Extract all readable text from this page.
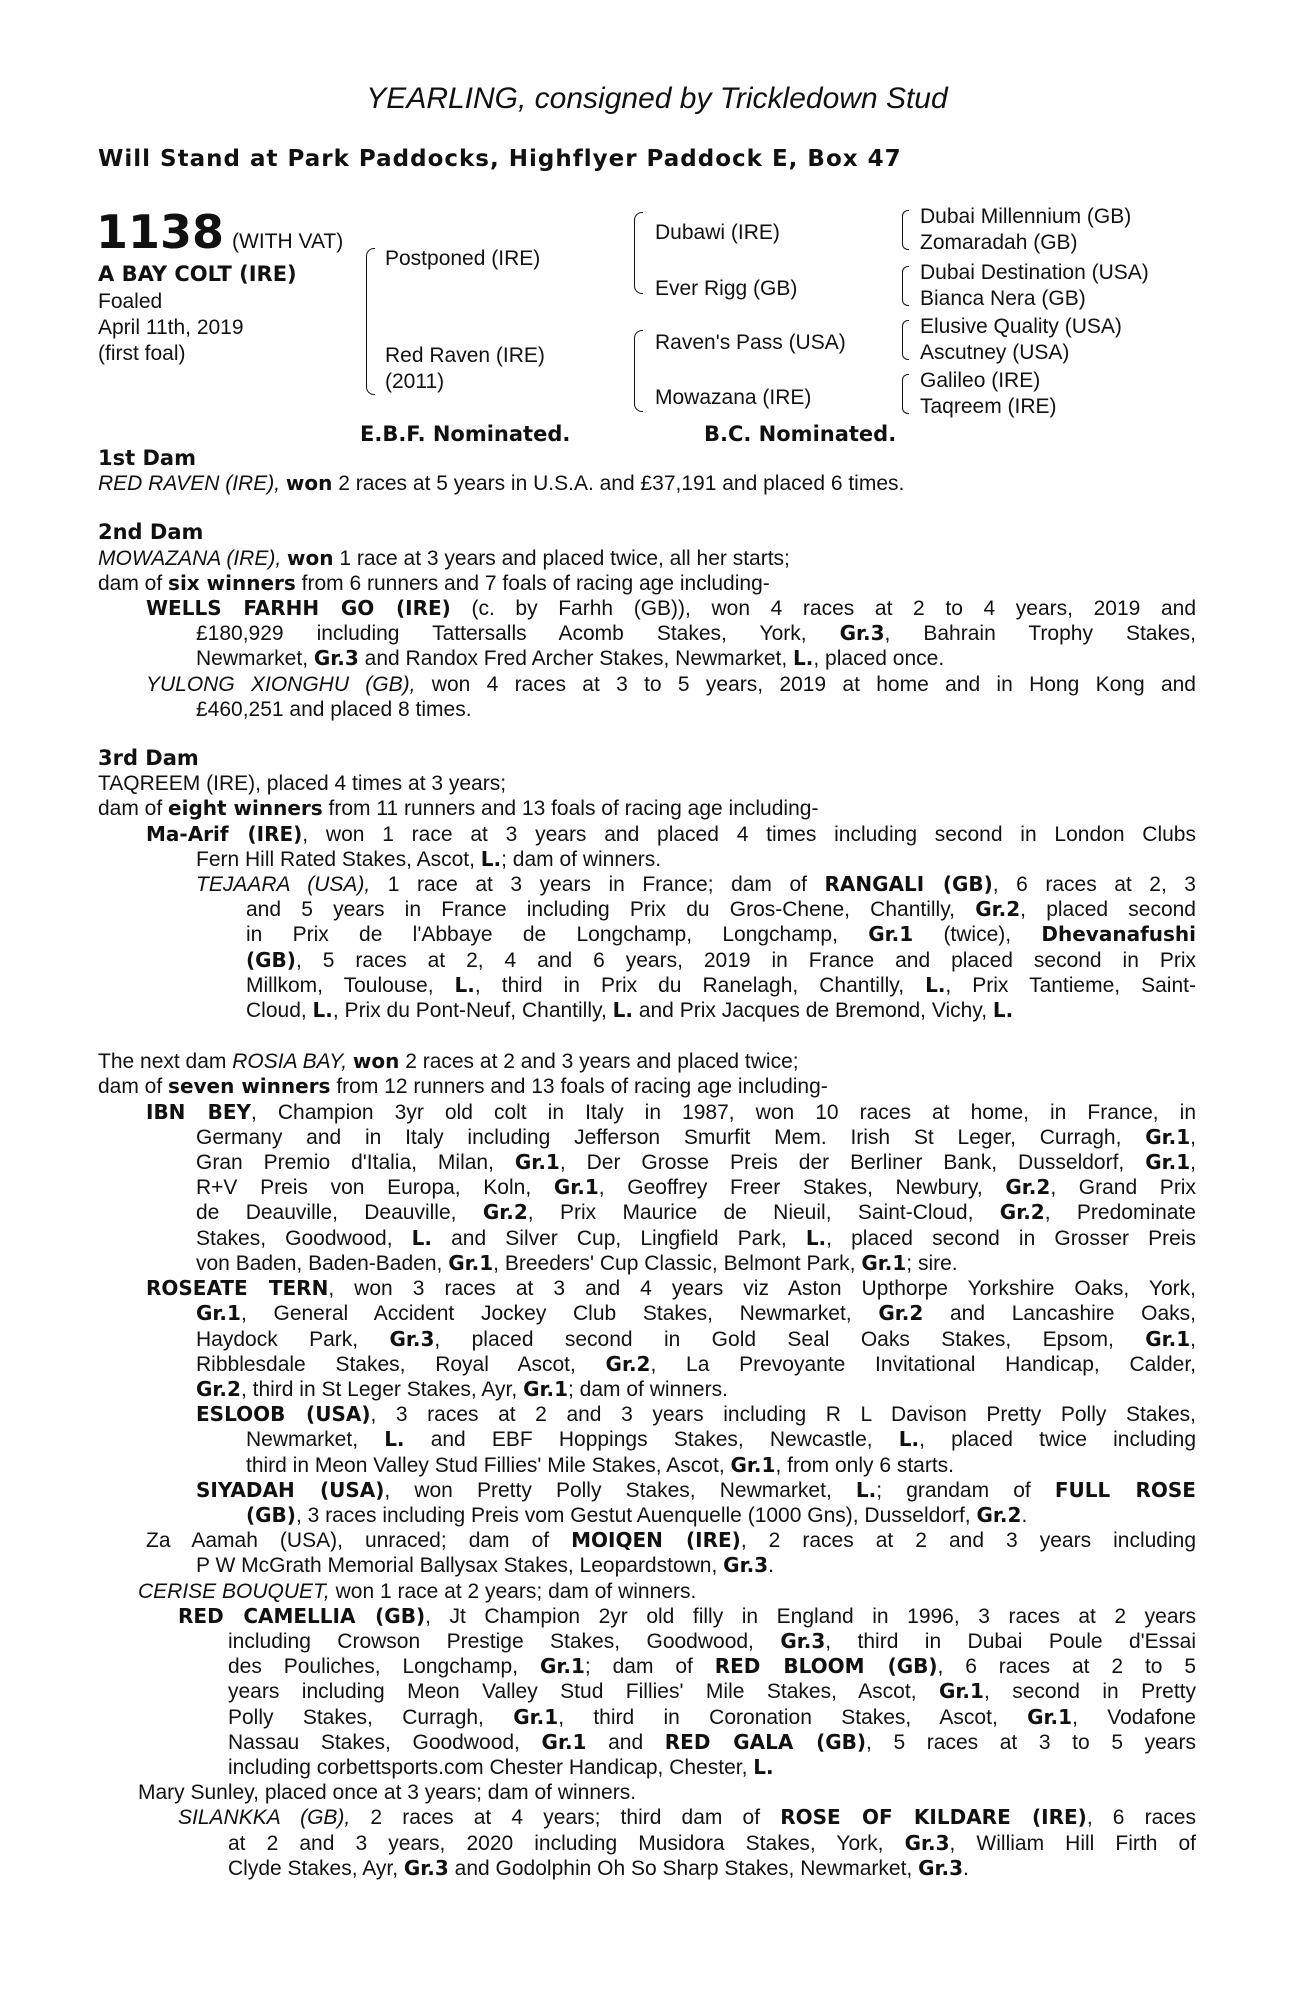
YEARLING, consigned by Trickledown Stud
Will Stand at Park Paddocks, Highflyer Paddock E, Box 47
1138 (WITH VAT)
A BAY COLT (IRE)
Foaled
April 11th, 2019
(first foal)
Postponed (IRE)
Red Raven (IRE)
(2011)
Dubawi (IRE)
Ever Rigg (GB)
Raven's Pass (USA)
Mowazana (IRE)
Dubai Millennium (GB)
Zomaradah (GB)
Dubai Destination (USA)
Bianca Nera (GB)
Elusive Quality (USA)
Ascutney (USA)
Galileo (IRE)
Taqreem (IRE)
E.B.F. Nominated.	B.C. Nominated.
1st Dam
RED RAVEN (IRE), won 2 races at 5 years in U.S.A. and £37,191 and placed 6 times.
2nd Dam
MOWAZANA (IRE), won 1 race at 3 years and placed twice, all her starts;
dam of six winners from 6 runners and 7 foals of racing age including-
WELLS FARHH GO (IRE) (c. by Farhh (GB)), won 4 races at 2 to 4 years, 2019 and
£180,929 including Tattersalls Acomb Stakes, York, Gr.3, Bahrain Trophy Stakes,
Newmarket, Gr.3 and Randox Fred Archer Stakes, Newmarket, L., placed once.
YULONG XIONGHU (GB), won 4 races at 3 to 5 years, 2019 at home and in Hong Kong and
£460,251 and placed 8 times.
3rd Dam
TAQREEM (IRE), placed 4 times at 3 years;
dam of eight winners from 11 runners and 13 foals of racing age including-
Ma-Arif (IRE), won 1 race at 3 years and placed 4 times including second in London Clubs
Fern Hill Rated Stakes, Ascot, L.; dam of winners.
TEJAARA (USA), 1 race at 3 years in France; dam of RANGALI (GB), 6 races at 2, 3
and 5 years in France including Prix du Gros-Chene, Chantilly, Gr.2, placed second
in Prix de l'Abbaye de Longchamp, Longchamp, Gr.1 (twice), Dhevanafushi
(GB), 5 races at 2, 4 and 6 years, 2019 in France and placed second in Prix
Millkom, Toulouse, L., third in Prix du Ranelagh, Chantilly, L., Prix Tantieme, Saint-
Cloud, L., Prix du Pont-Neuf, Chantilly, L. and Prix Jacques de Bremond, Vichy, L.
The next dam ROSIA BAY, won 2 races at 2 and 3 years and placed twice;
dam of seven winners from 12 runners and 13 foals of racing age including-
IBN BEY, Champion 3yr old colt in Italy in 1987, won 10 races at home, in France, in
Germany and in Italy including Jefferson Smurfit Mem. Irish St Leger, Curragh, Gr.1,
Gran Premio d'Italia, Milan, Gr.1, Der Grosse Preis der Berliner Bank, Dusseldorf, Gr.1,
R+V Preis von Europa, Koln, Gr.1, Geoffrey Freer Stakes, Newbury, Gr.2, Grand Prix
de Deauville, Deauville, Gr.2, Prix Maurice de Nieuil, Saint-Cloud, Gr.2, Predominate
Stakes, Goodwood, L. and Silver Cup, Lingfield Park, L., placed second in Grosser Preis
von Baden, Baden-Baden, Gr.1, Breeders' Cup Classic, Belmont Park, Gr.1; sire.
ROSEATE TERN, won 3 races at 3 and 4 years viz Aston Upthorpe Yorkshire Oaks, York,
Gr.1, General Accident Jockey Club Stakes, Newmarket, Gr.2 and Lancashire Oaks,
Haydock Park, Gr.3, placed second in Gold Seal Oaks Stakes, Epsom, Gr.1,
Ribblesdale Stakes, Royal Ascot, Gr.2, La Prevoyante Invitational Handicap, Calder,
Gr.2, third in St Leger Stakes, Ayr, Gr.1; dam of winners.
ESLOOB (USA), 3 races at 2 and 3 years including R L Davison Pretty Polly Stakes,
Newmarket, L. and EBF Hoppings Stakes, Newcastle, L., placed twice including
third in Meon Valley Stud Fillies' Mile Stakes, Ascot, Gr.1, from only 6 starts.
SIYADAH (USA), won Pretty Polly Stakes, Newmarket, L.; grandam of FULL ROSE
(GB), 3 races including Preis vom Gestut Auenquelle (1000 Gns), Dusseldorf, Gr.2.
Za Aamah (USA), unraced; dam of MOIQEN (IRE), 2 races at 2 and 3 years including
P W McGrath Memorial Ballysax Stakes, Leopardstown, Gr.3.
CERISE BOUQUET, won 1 race at 2 years; dam of winners.
RED CAMELLIA (GB), Jt Champion 2yr old filly in England in 1996, 3 races at 2 years
including Crowson Prestige Stakes, Goodwood, Gr.3, third in Dubai Poule d'Essai
des Pouliches, Longchamp, Gr.1; dam of RED BLOOM (GB), 6 races at 2 to 5
years including Meon Valley Stud Fillies' Mile Stakes, Ascot, Gr.1, second in Pretty
Polly Stakes, Curragh, Gr.1, third in Coronation Stakes, Ascot, Gr.1, Vodafone
Nassau Stakes, Goodwood, Gr.1 and RED GALA (GB), 5 races at 3 to 5 years
including corbettsports.com Chester Handicap, Chester, L.
Mary Sunley, placed once at 3 years; dam of winners.
SILANKKA (GB), 2 races at 4 years; third dam of ROSE OF KILDARE (IRE), 6 races
at 2 and 3 years, 2020 including Musidora Stakes, York, Gr.3, William Hill Firth of
Clyde Stakes, Ayr, Gr.3 and Godolphin Oh So Sharp Stakes, Newmarket, Gr.3.
